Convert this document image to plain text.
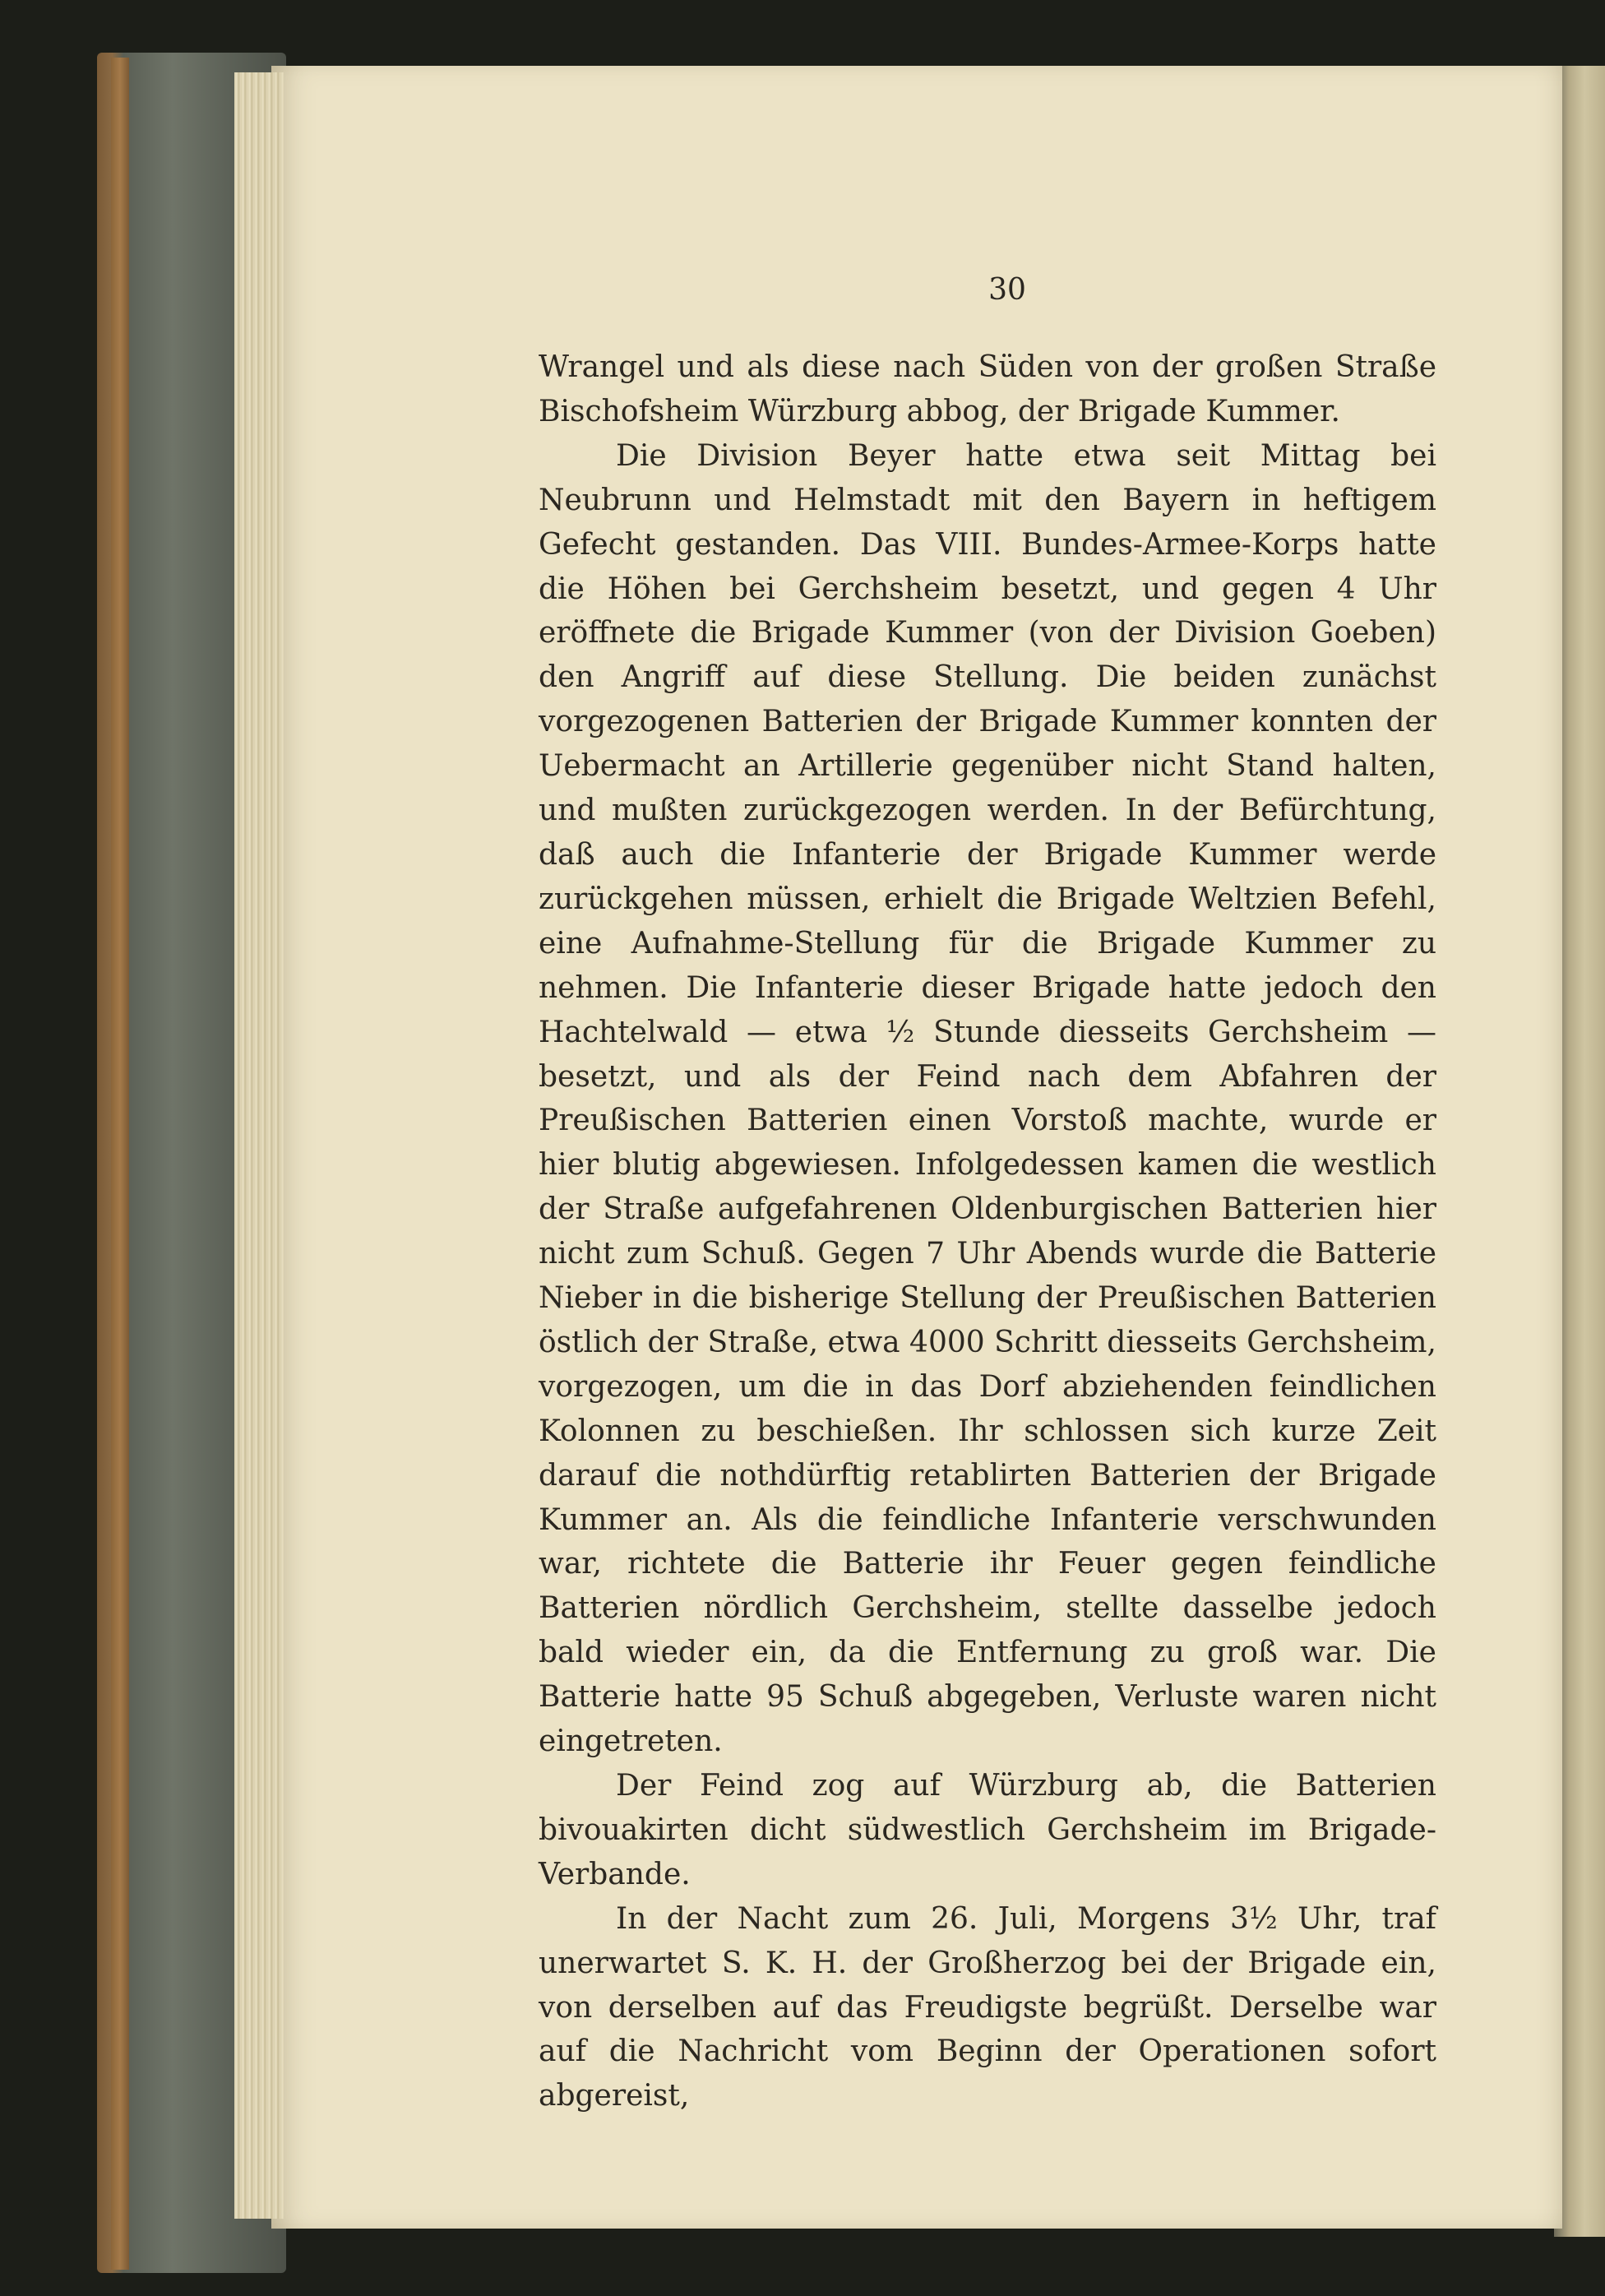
30

Wrangel und als diese nach Süden von der großen Straße Bischofsheim Würzburg abbog, der Brigade Kummer.

Die Division Beyer hatte etwa seit Mittag bei Neubrunn und Helmstadt mit den Bayern in heftigem Gefecht gestanden. Das VIII. Bundes-Armee-Korps hatte die Höhen bei Gerchsheim besetzt, und gegen 4 Uhr eröffnete die Brigade Kummer (von der Division Goeben) den Angriff auf diese Stellung. Die beiden zunächst vorgezogenen Batterien der Brigade Kummer konnten der Uebermacht an Artillerie gegenüber nicht Stand halten, und mußten zurückgezogen werden. In der Befürchtung, daß auch die Infanterie der Brigade Kummer werde zurückgehen müssen, erhielt die Brigade Weltzien Befehl, eine Aufnahme-Stellung für die Brigade Kummer zu nehmen. Die Infanterie dieser Brigade hatte jedoch den Hachtelwald — etwa ½ Stunde diesseits Gerchsheim — besetzt, und als der Feind nach dem Abfahren der Preußischen Batterien einen Vorstoß machte, wurde er hier blutig abgewiesen. Infolgedessen kamen die westlich der Straße aufgefahrenen Oldenburgischen Batterien hier nicht zum Schuß. Gegen 7 Uhr Abends wurde die Batterie Nieber in die bisherige Stellung der Preußischen Batterien östlich der Straße, etwa 4000 Schritt diesseits Gerchsheim, vorgezogen, um die in das Dorf abziehenden feindlichen Kolonnen zu beschießen. Ihr schlossen sich kurze Zeit darauf die nothdürftig retablirten Batterien der Brigade Kummer an. Als die feindliche Infanterie verschwunden war, richtete die Batterie ihr Feuer gegen feindliche Batterien nördlich Gerchsheim, stellte dasselbe jedoch bald wieder ein, da die Entfernung zu groß war. Die Batterie hatte 95 Schuß abgegeben, Verluste waren nicht eingetreten.

Der Feind zog auf Würzburg ab, die Batterien bivouakirten dicht südwestlich Gerchsheim im Brigade-Verbande.

In der Nacht zum 26. Juli, Morgens 3½ Uhr, traf unerwartet S. K. H. der Großherzog bei der Brigade ein, von derselben auf das Freudigste begrüßt. Derselbe war auf die Nachricht vom Beginn der Operationen sofort abgereist,
